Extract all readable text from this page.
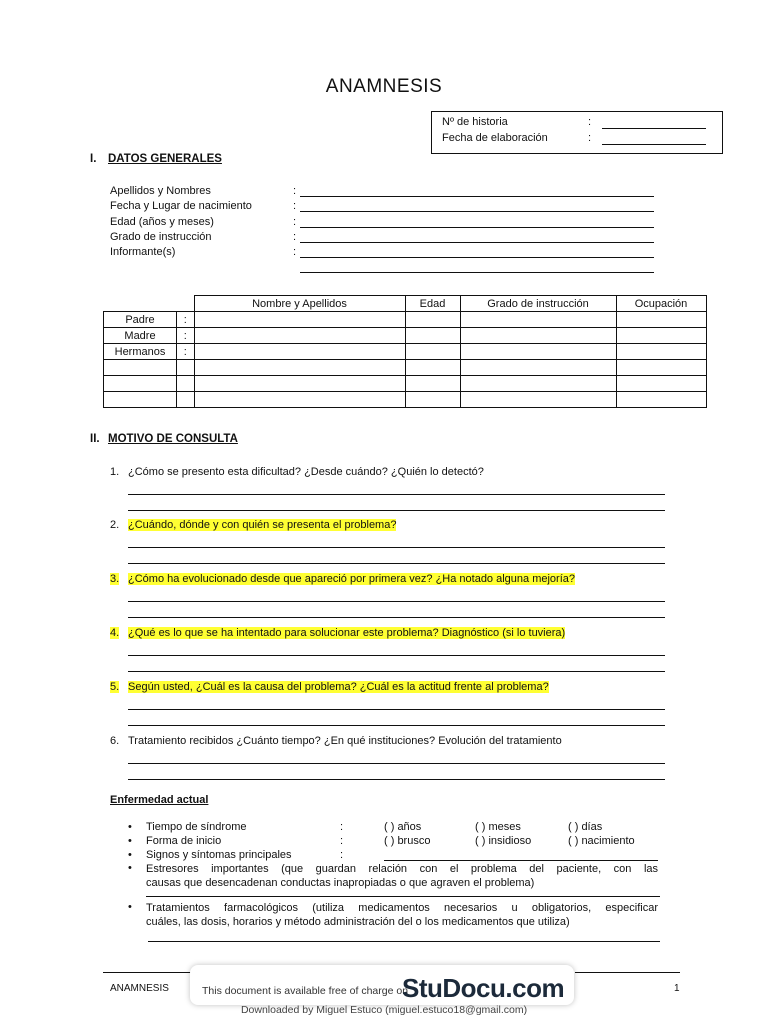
ANAMNESIS
Nº de historia	:
Fecha de elaboración	:
I. DATOS GENERALES
Apellidos y Nombres	:
Fecha y Lugar de nacimiento	:
Edad (años y meses)	:
Grado de instrucción	:
Informante(s)	:
		Nombre y Apellidos	Edad	Grado de instrucción	Ocupación
Padre	:				
Madre	:				
Hermanos	:				

II. MOTIVO DE CONSULTA
1. ¿Cómo se presento esta dificultad? ¿Desde cuándo? ¿Quién lo detectó?
2. ¿Cuándo, dónde y con quién se presenta el problema?
3. ¿Cómo ha evolucionado desde que apareció por primera vez? ¿Ha notado alguna mejoría?
4. ¿Qué es lo que se ha intentado para solucionar este problema? Diagnóstico (si lo tuviera)
5. Según usted, ¿Cuál es la causa del problema? ¿Cuál es la actitud frente al problema?
6. Tratamiento recibidos ¿Cuánto tiempo? ¿En qué instituciones? Evolución del tratamiento
Enfermedad actual
• Tiempo de síndrome	:	( ) años	( ) meses	( ) días
• Forma de inicio	:	( ) brusco	( ) insidioso	( ) nacimiento
• Signos y síntomas principales	:
• Estresores importantes (que guardan relación con el problema del paciente, con las
causas que desencadenan conductas inapropiadas o que agraven el problema)
• Tratamientos farmacológicos (utiliza medicamentos necesarios u obligatorios, especificar
cuáles, las dosis, horarios y método administración del o los medicamentos que utiliza)
ANAMNESIS	1
This document is available free of charge on
StuDocu.com
Downloaded by Miguel Estuco (miguel.estuco18@gmail.com)
